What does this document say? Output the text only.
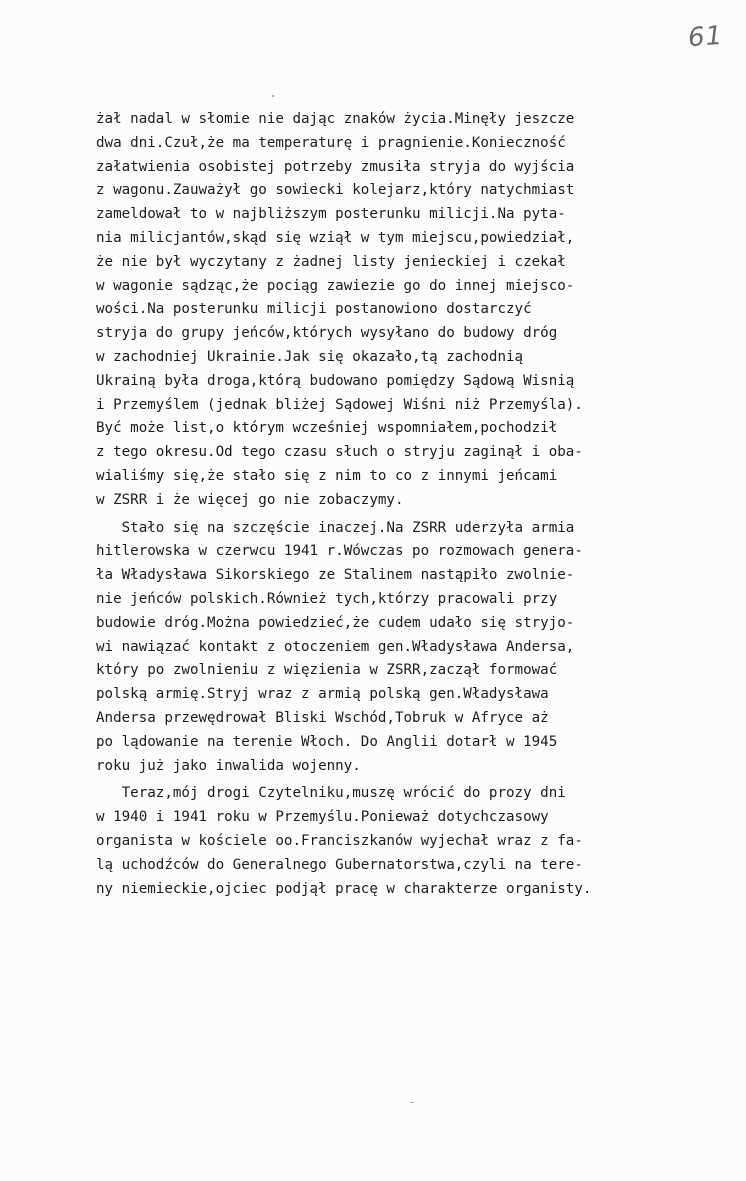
61
żał nadal w słomie nie dając znaków życia.Minęły jeszcze
dwa dni.Czuł,że ma temperaturę i pragnienie.Konieczność
załatwienia osobistej potrzeby zmusiła stryja do wyjścia
z wagonu.Zauważył go sowiecki kolejarz,który natychmiast
zameldował to w najbliższym posterunku milicji.Na pyta-
nia milicjantów,skąd się wziął w tym miejscu,powiedział,
że nie był wyczytany z żadnej listy jenieckiej i czekał
w wagonie sądząc,że pociąg zawiezie go do innej miejsco-
wości.Na posterunku milicji postanowiono dostarczyć
stryja do grupy jeńców,których wysyłano do budowy dróg
w zachodniej Ukrainie.Jak się okazało,tą zachodnią
Ukrainą była droga,którą budowano pomiędzy Sądową Wisnią
i Przemyślem (jednak bliżej Sądowej Wiśni niż Przemyśla).
Być może list,o którym wcześniej wspomniałem,pochodził
z tego okresu.Od tego czasu słuch o stryju zaginął i oba-
wialiśmy się,że stało się z nim to co z innymi jeńcami
w ZSRR i że więcej go nie zobaczymy.
Stało się na szczęście inaczej.Na ZSRR uderzyła armia
hitlerowska w czerwcu 1941 r.Wówczas po rozmowach genera-
ła Władysława Sikorskiego ze Stalinem nastąpiło zwolnie-
nie jeńców polskich.Również tych,którzy pracowali przy
budowie dróg.Można powiedzieć,że cudem udało się stryjo-
wi nawiązać kontakt z otoczeniem gen.Władysława Andersa,
który po zwolnieniu z więzienia w ZSRR,zaczął formować
polską armię.Stryj wraz z armią polską gen.Władysława
Andersa przewędrował Bliski Wschód,Tobruk w Afryce aż
po lądowanie na terenie Włoch. Do Anglii dotarł w 1945
roku już jako inwalida wojenny.
Teraz,mój drogi Czytelniku,muszę wrócić do prozy dni
w 1940 i 1941 roku w Przemyślu.Ponieważ dotychczasowy
organista w kościele oo.Franciszkanów wyjechał wraz z fa-
lą uchodźców do Generalnego Gubernatorstwa,czyli na tere-
ny niemieckie,ojciec podjął pracę w charakterze organisty.
